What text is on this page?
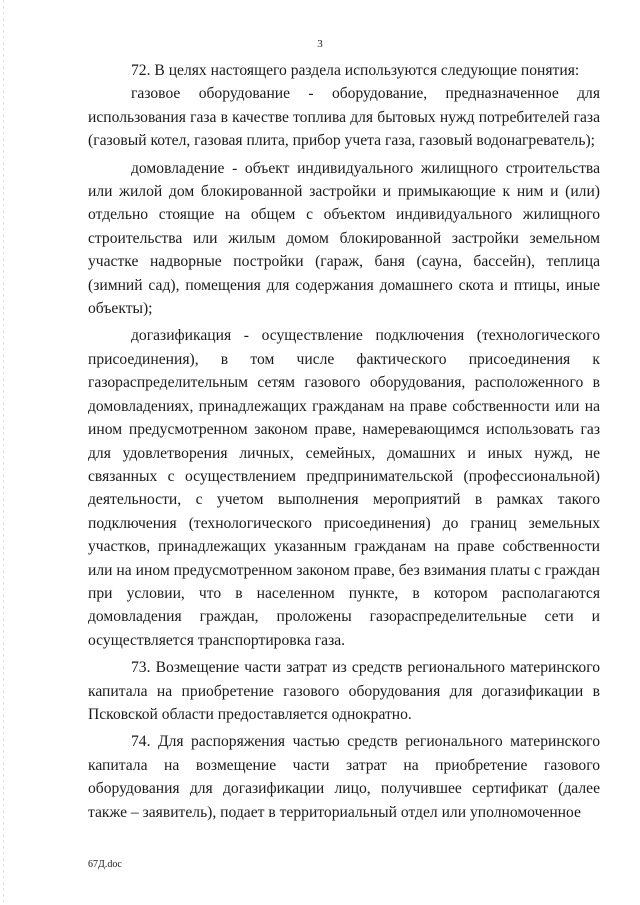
3

72. В целях настоящего раздела используются следующие понятия:

газовое оборудование - оборудование, предназначенное для использования газа в качестве топлива для бытовых нужд потребителей газа (газовый котел, газовая плита, прибор учета газа, газовый водонагреватель);

домовладение - объект индивидуального жилищного строительства или жилой дом блокированной застройки и примыкающие к ним и (или) отдельно стоящие на общем с объектом индивидуального жилищного строительства или жилым домом блокированной застройки земельном участке надворные постройки (гараж, баня (сауна, бассейн), теплица (зимний сад), помещения для содержания домашнего скота и птицы, иные объекты);

догазификация - осуществление подключения (технологического присоединения), в том числе фактического присоединения к газораспределительным сетям газового оборудования, расположенного в домовладениях, принадлежащих гражданам на праве собственности или на ином предусмотренном законом праве, намеревающимся использовать газ для удовлетворения личных, семейных, домашних и иных нужд, не связанных с осуществлением предпринимательской (профессиональной) деятельности, с учетом выполнения мероприятий в рамках такого подключения (технологического присоединения) до границ земельных участков, принадлежащих указанным гражданам на праве собственности или на ином предусмотренном законом праве, без взимания платы с граждан при условии, что в населенном пункте, в котором располагаются домовладения граждан, проложены газораспределительные сети и осуществляется транспортировка газа.

73. Возмещение части затрат из средств регионального материнского капитала на приобретение газового оборудования для догазификации в Псковской области предоставляется однократно.

74. Для распоряжения частью средств регионального материнского капитала на возмещение части затрат на приобретение газового оборудования для догазификации лицо, получившее сертификат (далее также – заявитель), подает в территориальный отдел или уполномоченное

67Д.doc
